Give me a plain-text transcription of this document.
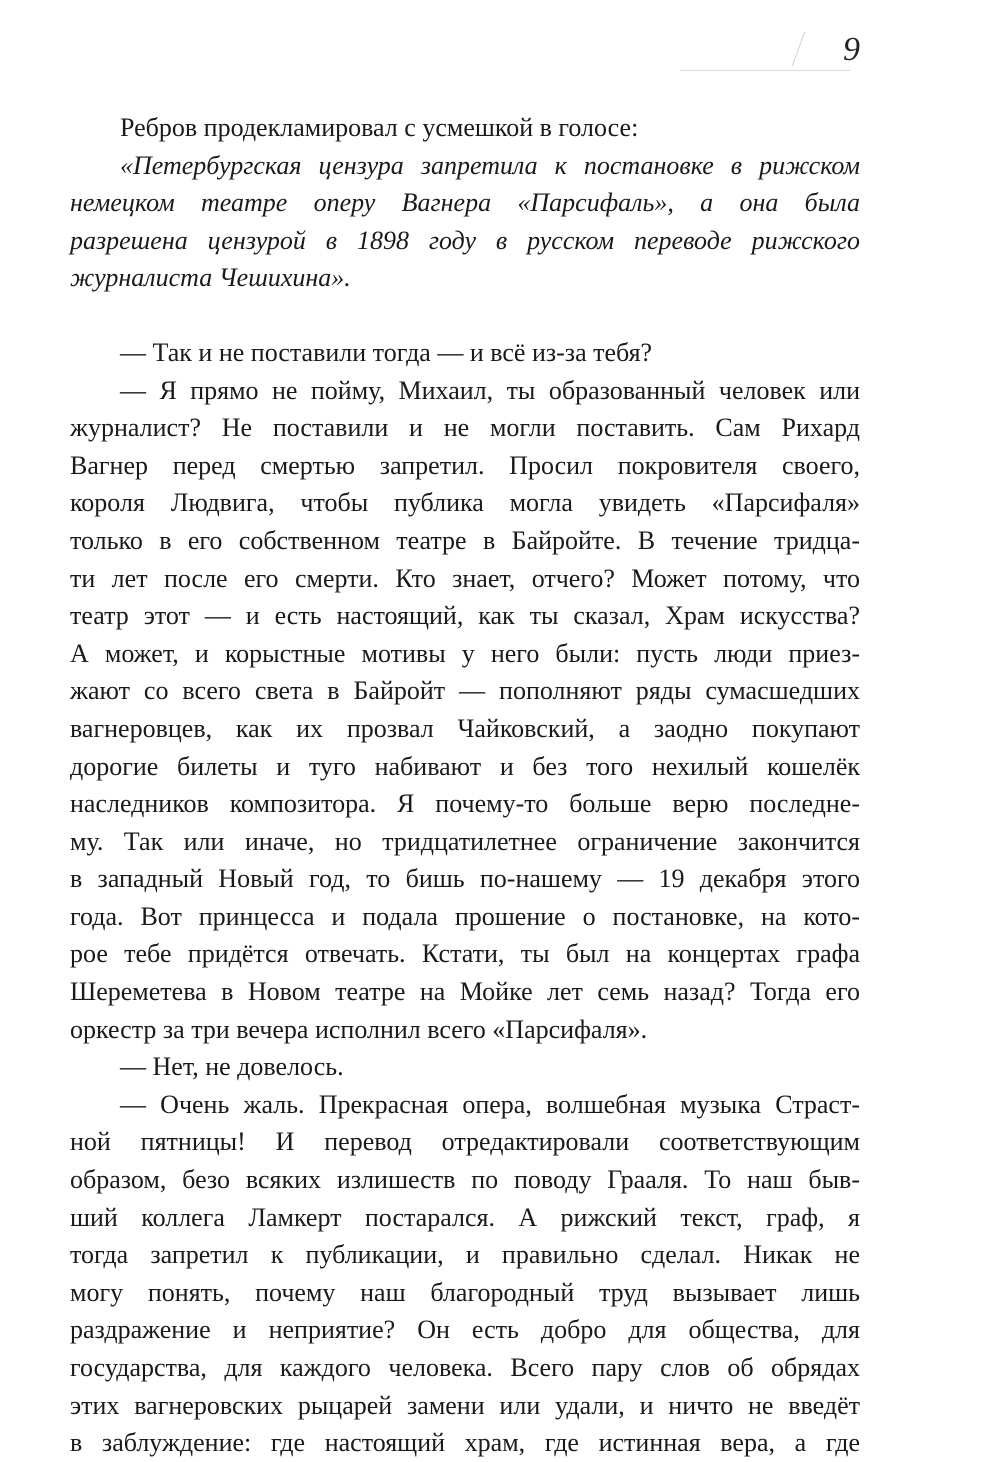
9
Ребров продекламировал с усмешкой в голосе:
«Петербургская цензура запретила к постановке в рижском
немецком театре оперу Вагнера «Парсифаль», а она была
разрешена цензурой в 1898 году в русском переводе рижского
журналиста Чешихина».
— Так и не поставили тогда — и всё из-за тебя?
— Я прямо не пойму, Михаил, ты образованный человек или
журналист? Не поставили и не могли поставить. Сам Рихард
Вагнер перед смертью запретил. Просил покровителя своего,
короля Людвига, чтобы публика могла увидеть «Парсифаля»
только в его собственном театре в Байройте. В течение тридца-
ти лет после его смерти. Кто знает, отчего? Может потому, что
театр этот — и есть настоящий, как ты сказал, Храм искусства?
А может, и корыстные мотивы у него были: пусть люди приез-
жают со всего света в Байройт — пополняют ряды сумасшедших
вагнеровцев, как их прозвал Чайковский, а заодно покупают
дорогие билеты и туго набивают и без того нехилый кошелёк
наследников композитора. Я почему-то больше верю последне-
му. Так или иначе, но тридцатилетнее ограничение закончится
в западный Новый год, то бишь по-нашему — 19 декабря этого
года. Вот принцесса и подала прошение о постановке, на кото-
рое тебе придётся отвечать. Кстати, ты был на концертах графа
Шереметева в Новом театре на Мойке лет семь назад? Тогда его
оркестр за три вечера исполнил всего «Парсифаля».
— Нет, не довелось.
— Очень жаль. Прекрасная опера, волшебная музыка Страст-
ной пятницы! И перевод отредактировали соответствующим
образом, безо всяких излишеств по поводу Грааля. То наш быв-
ший коллега Ламкерт постарался. А рижский текст, граф, я
тогда запретил к публикации, и правильно сделал. Никак не
могу понять, почему наш благородный труд вызывает лишь
раздражение и неприятие? Он есть добро для общества, для
государства, для каждого человека. Всего пару слов об обрядах
этих вагнеровских рыцарей замени или удали, и ничто не введёт
в заблуждение: где настоящий храм, где истинная вера, а где
